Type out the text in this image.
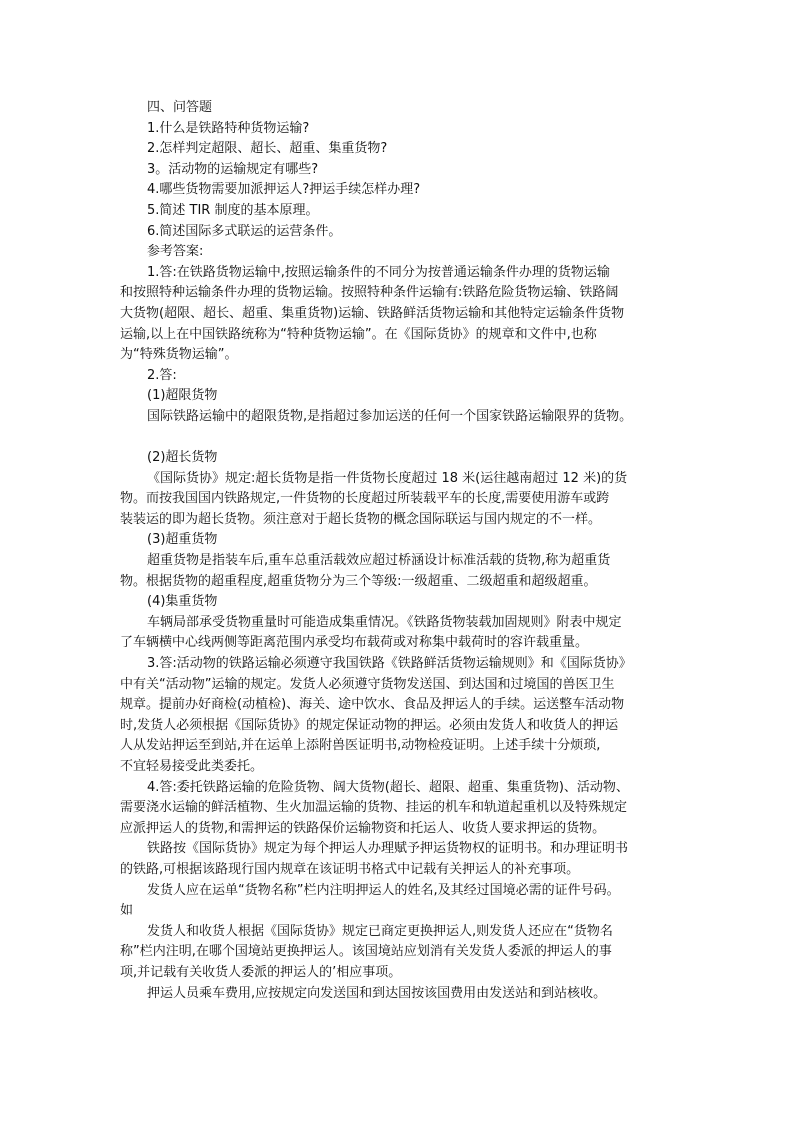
四、问答题
1.什么是铁路特种货物运输?
2.怎样判定超限、超长、超重、集重货物?
3。活动物的运输规定有哪些?
4.哪些货物需要加派押运人?押运手续怎样办理?
5.简述 TIR 制度的基本原理。
6.简述国际多式联运的运营条件。
参考答案:
1.答:在铁路货物运输中,按照运输条件的不同分为按普通运输条件办理的货物运输
和按照特种运输条件办理的货物运输。按照特种条件运输有:铁路危险货物运输、铁路阔
大货物(超限、超长、超重、集重货物)运输、铁路鲜活货物运输和其他特定运输条件货物
运输,以上在中国铁路统称为“特种货物运输”。在《国际货协》的规章和文件中,也称
为“特殊货物运输”。
2.答:
(1)超限货物
国际铁路运输中的超限货物,是指超过参加运送的任何一个国家铁路运输限界的货物。
(2)超长货物
《国际货协》规定:超长货物是指一件货物长度超过 18 米(运往越南超过 12 米)的货
物。而按我国国内铁路规定,一件货物的长度超过所装载平车的长度,需要使用游车或跨
装装运的即为超长货物。须注意对于超长货物的概念国际联运与国内规定的不一样。
(3)超重货物
超重货物是指装车后,重车总重活载效应超过桥涵设计标准活载的货物,称为超重货
物。根据货物的超重程度,超重货物分为三个等级:一级超重、二级超重和超级超重。
(4)集重货物
车辆局部承受货物重量时可能造成集重情况。《铁路货物装载加固规则》附表中规定
了车辆横中心线两侧等距离范围内承受均布载荷或对称集中载荷时的容许载重量。
3.答:活动物的铁路运输必须遵守我国铁路《铁路鲜活货物运输规则》和《国际货协》
中有关“活动物”运输的规定。发货人必须遵守货物发送国、到达国和过境国的兽医卫生
规章。提前办好商检(动植检)、海关、途中饮水、食品及押运人的手续。运送整车活动物
时,发货人必须根据《国际货协》的规定保证动物的押运。必须由发货人和收货人的押运
人从发站押运至到站,并在运单上添附兽医证明书,动物检疫证明。上述手续十分烦琐,
不宜轻易接受此类委托。
4.答:委托铁路运输的危险货物、阔大货物(超长、超限、超重、集重货物)、活动物、
需要浇水运输的鲜活植物、生火加温运输的货物、挂运的机车和轨道起重机以及特殊规定
应派押运人的货物,和需押运的铁路保价运输物资和托运人、收货人要求押运的货物。
铁路按《国际货协》规定为每个押运人办理赋予押运货物权的证明书。和办理证明书
的铁路,可根据该路现行国内规章在该证明书格式中记载有关押运人的补充事项。
发货人应在运单“货物名称”栏内注明押运人的姓名,及其经过国境必需的证件号码。
如
发货人和收货人根据《国际货协》规定已商定更换押运人,则发货人还应在“货物名
称”栏内注明,在哪个国境站更换押运人。该国境站应划消有关发货人委派的押运人的事
项,并记载有关收货人委派的押运人的’相应事项。
押运人员乘车费用,应按规定向发送国和到达国按该国费用由发送站和到站核收。
